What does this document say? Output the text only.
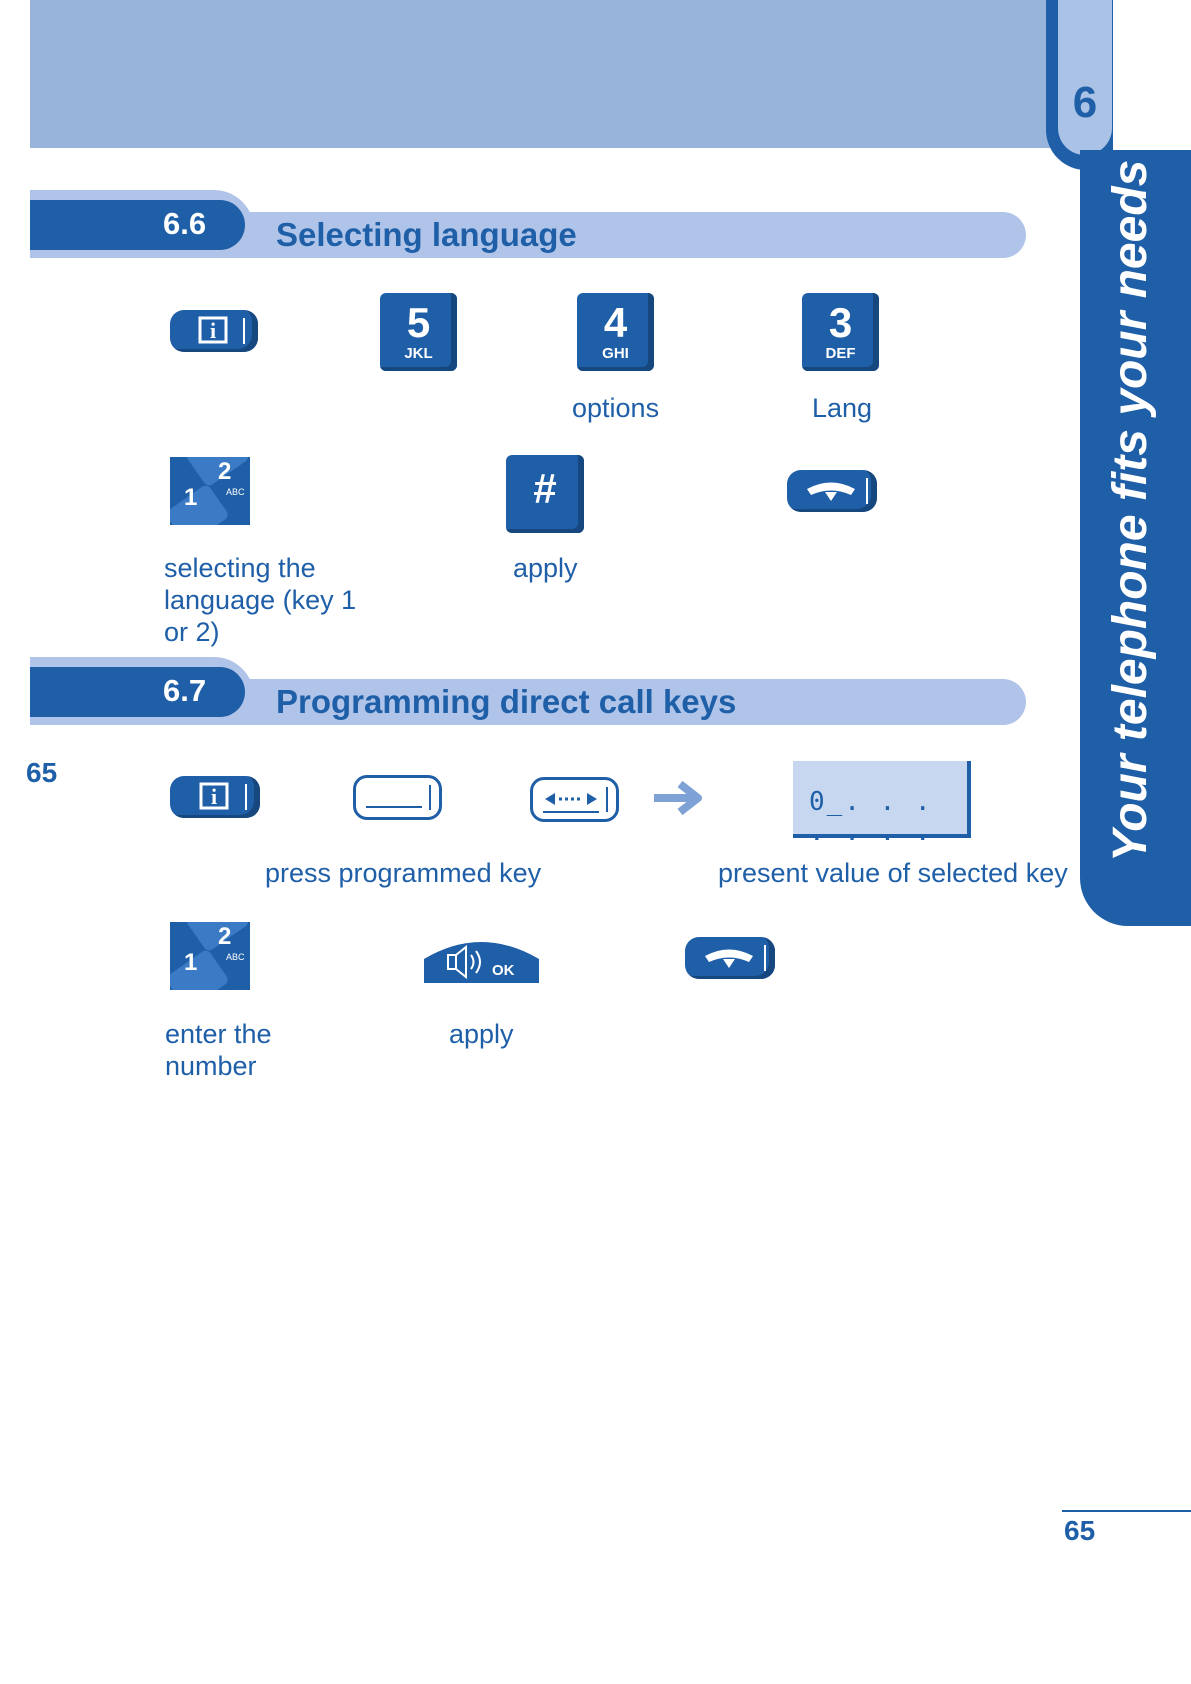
6
Your telephone fits your needs
6.6 Selecting language
i	5
JKL
4
GHI
3
DEF
options	Lang
1
2
ABC	#
selecting the language (key 1 or 2)
apply
6.7 Programming direct call keys
65
i	0_. . . . . . .
press programmed key	present value of selected key
1
2
ABC
OK
enter the number
apply
65
